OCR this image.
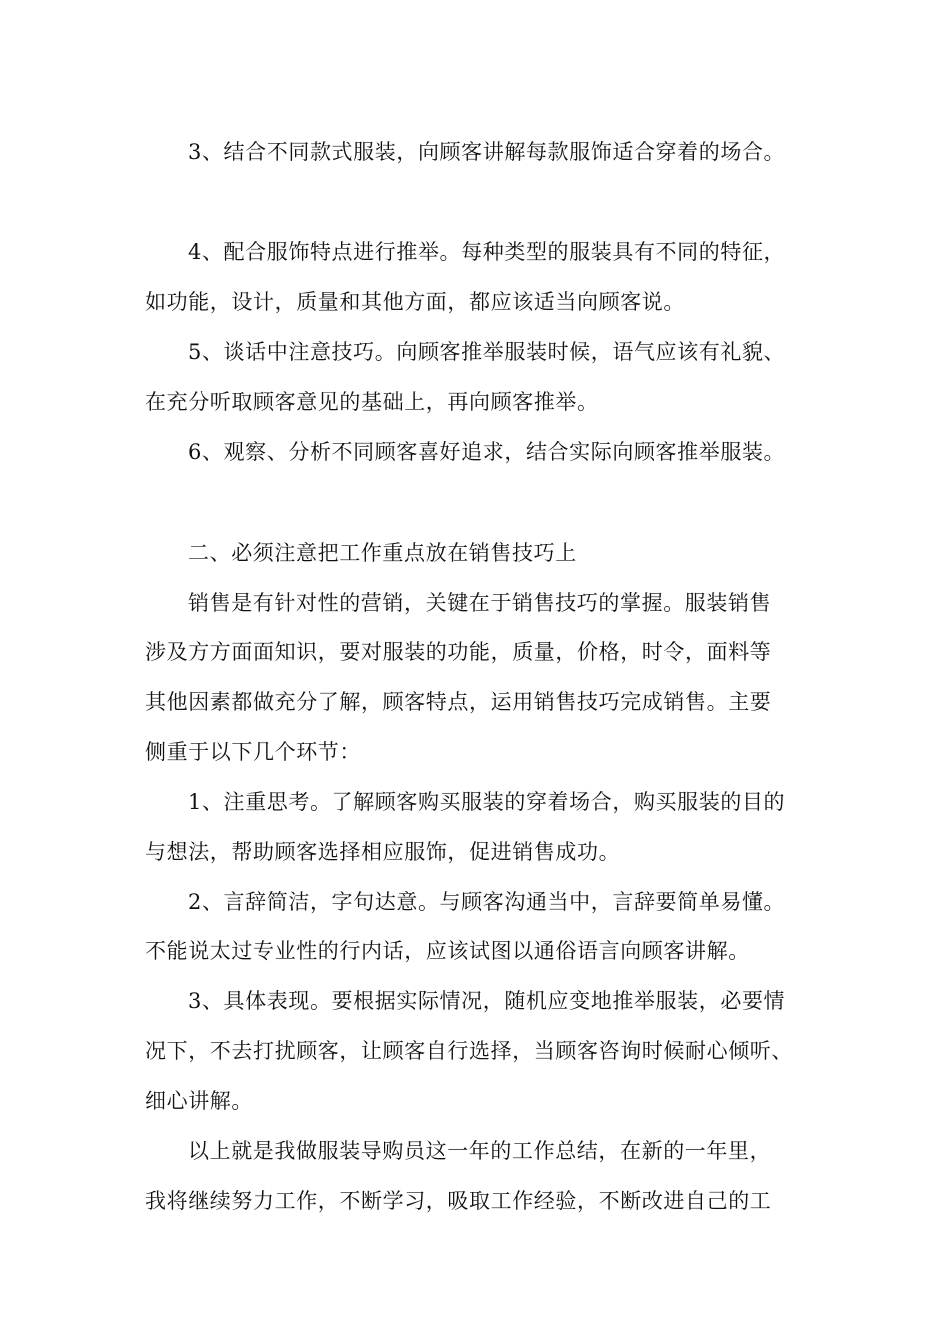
3、结合不同款式服装，向顾客讲解每款服饰适合穿着的场合。
4、配合服饰特点进行推举。每种类型的服装具有不同的特征，
如功能，设计，质量和其他方面，都应该适当向顾客说。
5、谈话中注意技巧。向顾客推举服装时候，语气应该有礼貌、
在充分听取顾客意见的基础上，再向顾客推举。
6、观察、分析不同顾客喜好追求，结合实际向顾客推举服装。
二、必须注意把工作重点放在销售技巧上
销售是有针对性的营销，关键在于销售技巧的掌握。服装销售
涉及方方面面知识，要对服装的功能，质量，价格，时令，面料等
其他因素都做充分了解，顾客特点，运用销售技巧完成销售。主要
侧重于以下几个环节：
1、注重思考。了解顾客购买服装的穿着场合，购买服装的目的
与想法，帮助顾客选择相应服饰，促进销售成功。
2、言辞简洁，字句达意。与顾客沟通当中，言辞要简单易懂。
不能说太过专业性的行内话，应该试图以通俗语言向顾客讲解。
3、具体表现。要根据实际情况，随机应变地推举服装，必要情
况下，不去打扰顾客，让顾客自行选择，当顾客咨询时候耐心倾听、
细心讲解。
以上就是我做服装导购员这一年的工作总结，在新的一年里，
我将继续努力工作，不断学习，吸取工作经验，不断改进自己的工
